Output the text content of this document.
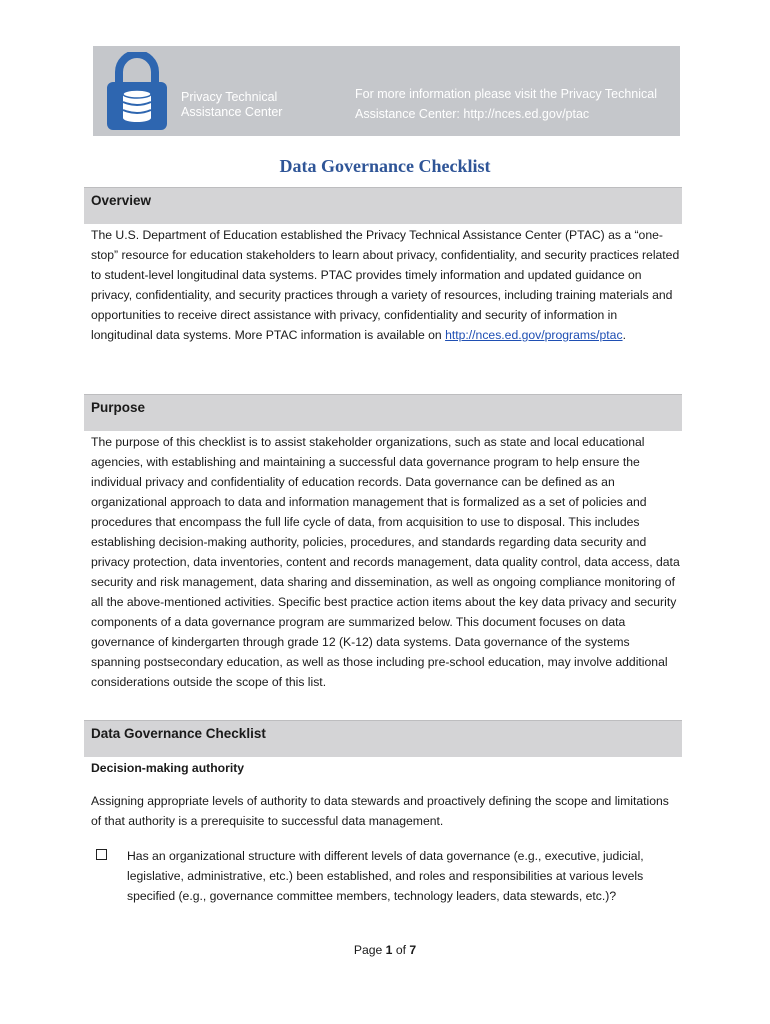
Privacy Technical
Assistance Center
For more information please visit the Privacy Technical
Assistance Center: http://nces.ed.gov/ptac
Data Governance Checklist
Overview
The U.S. Department of Education established the Privacy Technical Assistance Center (PTAC) as a “one-stop” resource for education stakeholders to learn about privacy, confidentiality, and security practices related to student-level longitudinal data systems. PTAC provides timely information and updated guidance on privacy, confidentiality, and security practices through a variety of resources, including training materials and opportunities to receive direct assistance with privacy, confidentiality and security of information in longitudinal data systems. More PTAC information is available on http://nces.ed.gov/programs/ptac.
Purpose
The purpose of this checklist is to assist stakeholder organizations, such as state and local educational agencies, with establishing and maintaining a successful data governance program to help ensure the individual privacy and confidentiality of education records. Data governance can be defined as an organizational approach to data and information management that is formalized as a set of policies and procedures that encompass the full life cycle of data, from acquisition to use to disposal. This includes establishing decision-making authority, policies, procedures, and standards regarding data security and privacy protection, data inventories, content and records management, data quality control, data access, data security and risk management, data sharing and dissemination, as well as ongoing compliance monitoring of all the above-mentioned activities. Specific best practice action items about the key data privacy and security components of a data governance program are summarized below. This document focuses on data governance of kindergarten through grade 12 (K-12) data systems. Data governance of the systems spanning postsecondary education, as well as those including pre-school education, may involve additional considerations outside the scope of this list.
Data Governance Checklist
Decision-making authority
Assigning appropriate levels of authority to data stewards and proactively defining the scope and limitations of that authority is a prerequisite to successful data management.
Has an organizational structure with different levels of data governance (e.g., executive, judicial, legislative, administrative, etc.) been established, and roles and responsibilities at various levels specified (e.g., governance committee members, technology leaders, data stewards, etc.)?
Page 1 of 7
